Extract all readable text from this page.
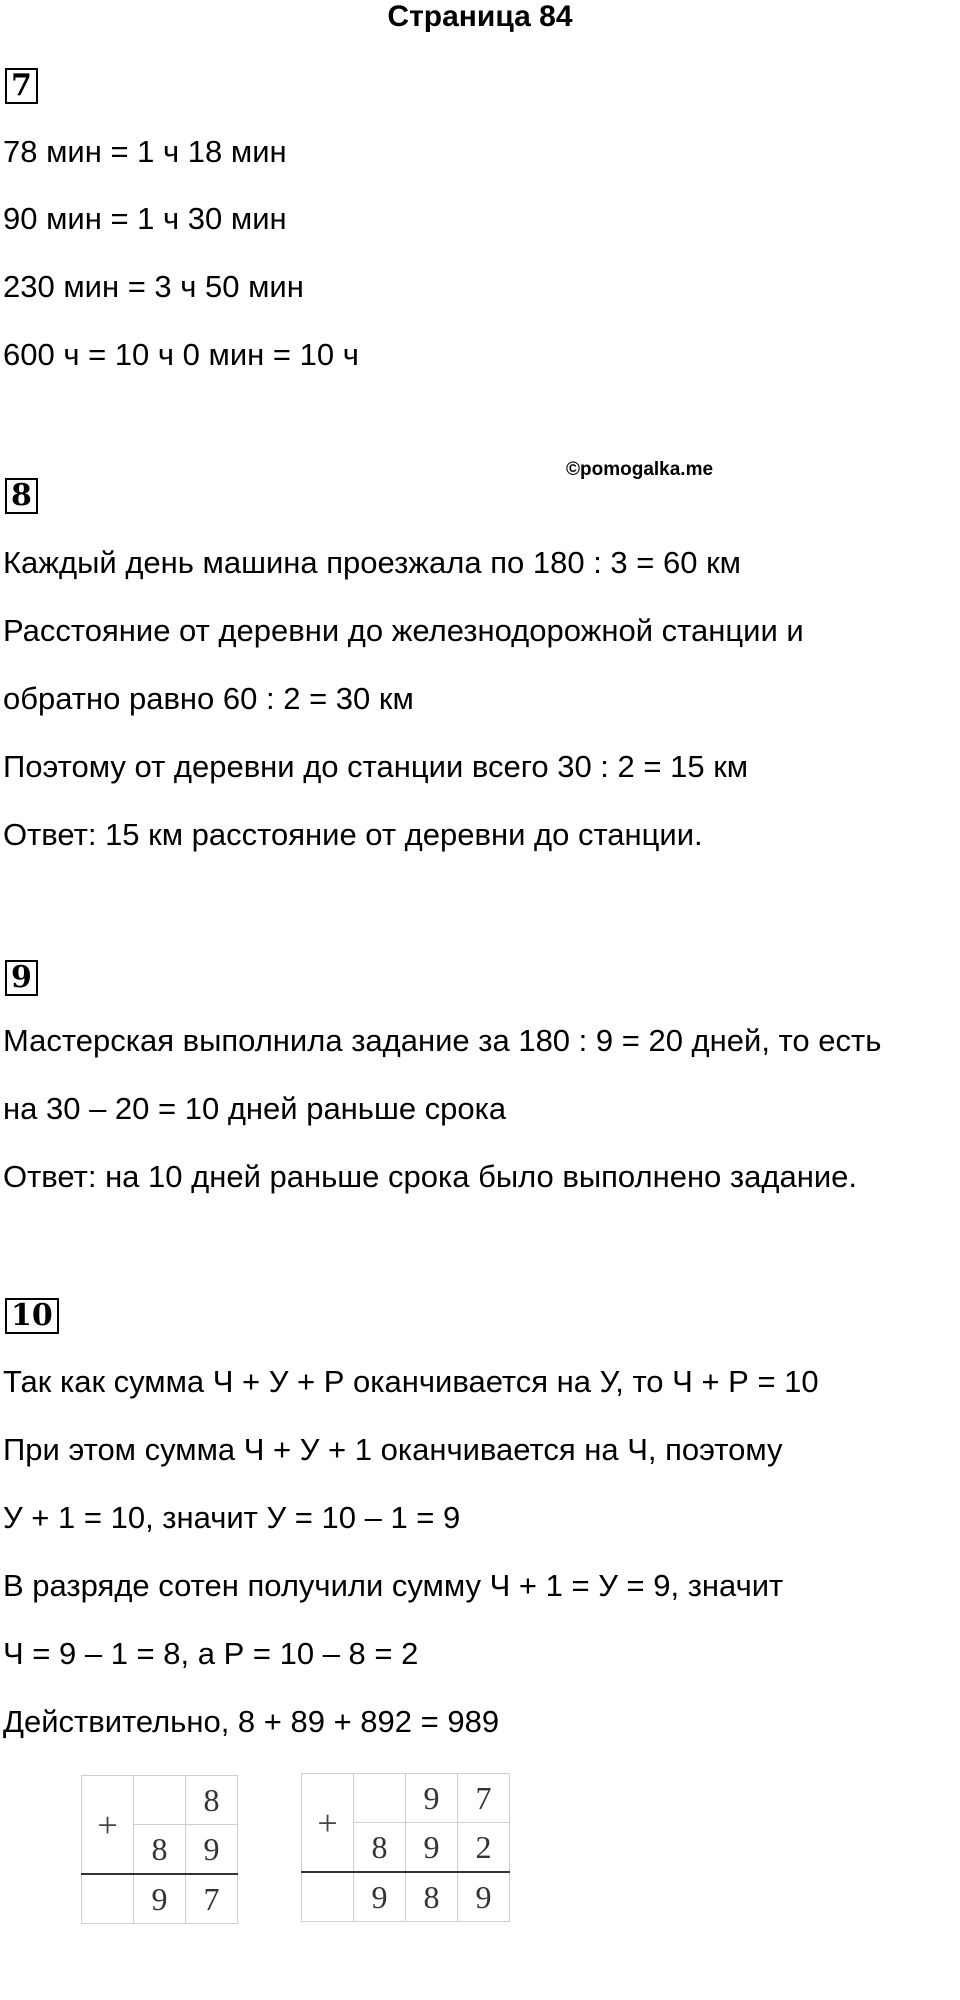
Страница 84
7
78 мин = 1 ч 18 мин
90 мин = 1 ч 30 мин
230 мин = 3 ч 50 мин
600 ч = 10 ч 0 мин = 10 ч
©pomogalka.me
8
Каждый день машина проезжала по 180 : 3 = 60 км
Расстояние от деревни до железнодорожной станции и
обратно равно 60 : 2 = 30 км
Поэтому от деревни до станции всего 30 : 2 = 15 км
Ответ: 15 км расстояние от деревни до станции.
9
Мастерская выполнила задание за 180 : 9 = 20 дней, то есть
на 30 – 20 = 10 дней раньше срока
Ответ: на 10 дней раньше срока было выполнено задание.
10
Так как сумма Ч + У + Р оканчивается на У, то Ч + Р = 10
При этом сумма Ч + У + 1 оканчивается на Ч, поэтому
У + 1 = 10, значит У = 10 – 1 = 9
В разряде сотен получили сумму Ч + 1 = У = 9, значит
Ч = 9 – 1 = 8, а Р = 10 – 8 = 2
Действительно, 8 + 89 + 892 = 989
+		8
	8	9
	9	7
+		9	7
	8	9	2
	9	8	9
